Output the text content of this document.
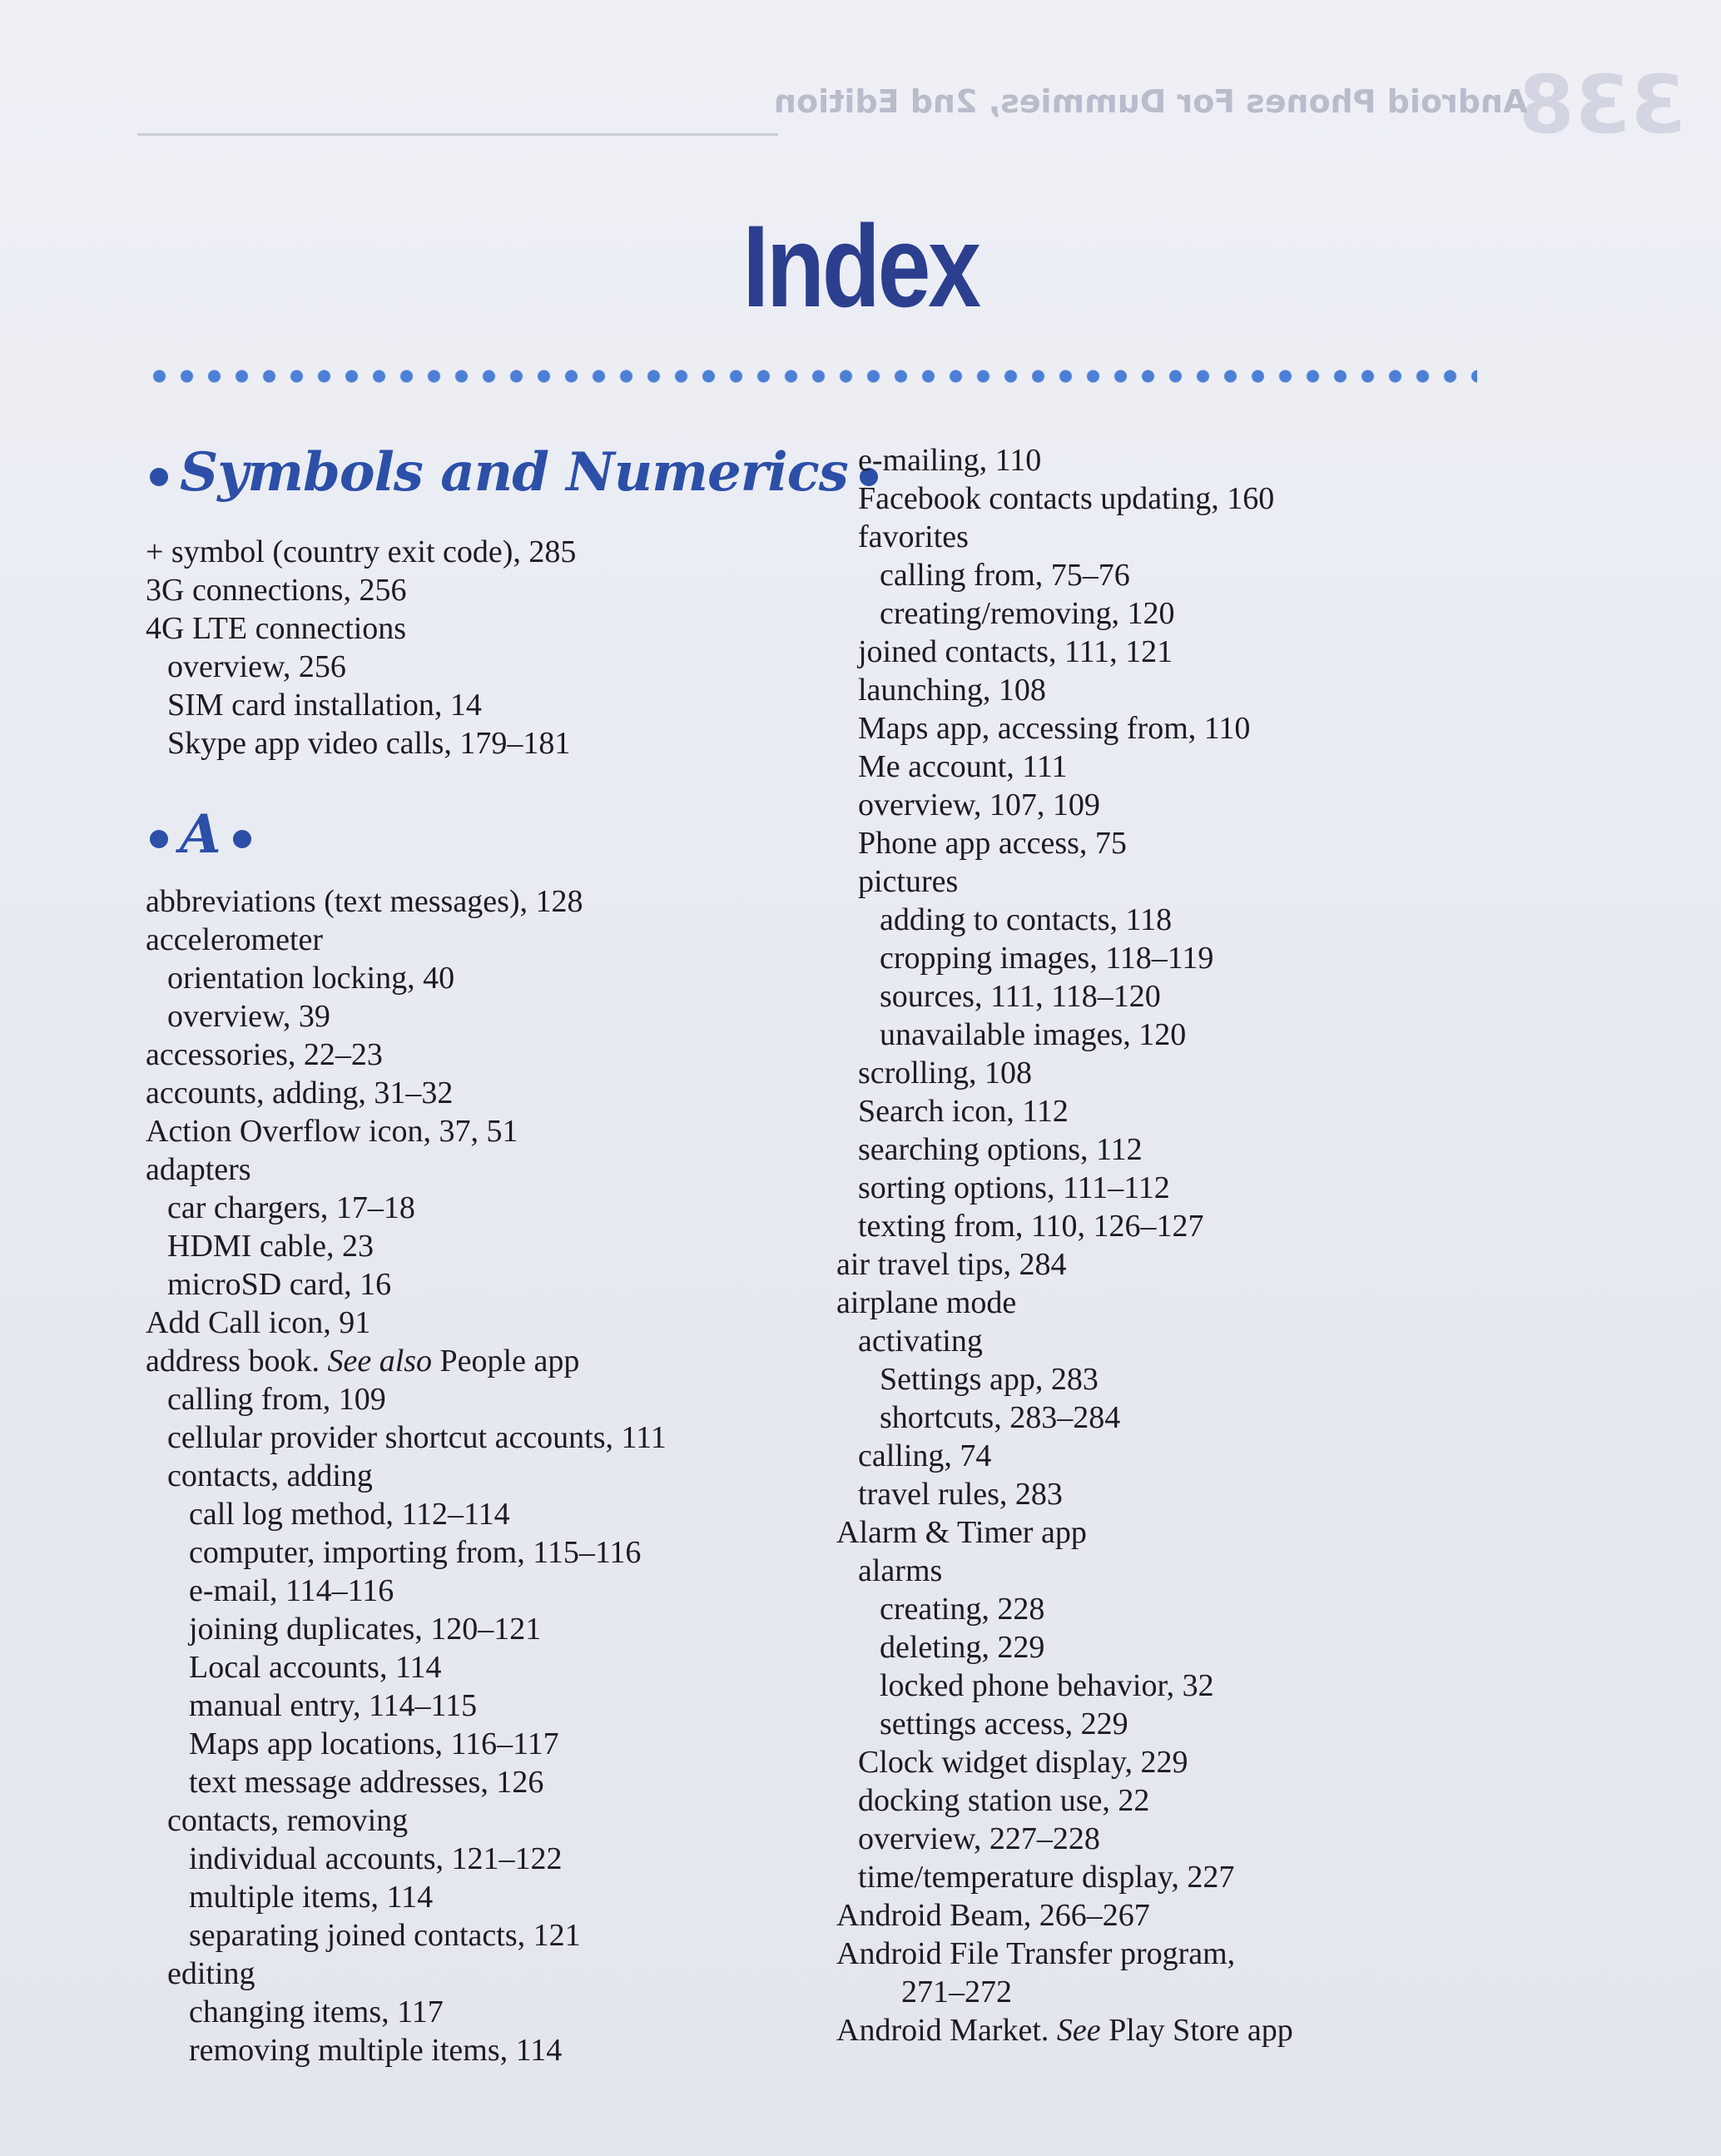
338
Android Phones For Dummies, 2nd Edition
Index
Symbols and Numerics
+ symbol (country exit code), 285
3G connections, 256
4G LTE connections
overview, 256
SIM card installation, 14
Skype app video calls, 179–181
A
abbreviations (text messages), 128
accelerometer
orientation locking, 40
overview, 39
accessories, 22–23
accounts, adding, 31–32
Action Overflow icon, 37, 51
adapters
car chargers, 17–18
HDMI cable, 23
microSD card, 16
Add Call icon, 91
address book. See also People app
calling from, 109
cellular provider shortcut accounts, 111
contacts, adding
call log method, 112–114
computer, importing from, 115–116
e-mail, 114–116
joining duplicates, 120–121
Local accounts, 114
manual entry, 114–115
Maps app locations, 116–117
text message addresses, 126
contacts, removing
individual accounts, 121–122
multiple items, 114
separating joined contacts, 121
editing
changing items, 117
removing multiple items, 114
e-mailing, 110
Facebook contacts updating, 160
favorites
calling from, 75–76
creating/removing, 120
joined contacts, 111, 121
launching, 108
Maps app, accessing from, 110
Me account, 111
overview, 107, 109
Phone app access, 75
pictures
adding to contacts, 118
cropping images, 118–119
sources, 111, 118–120
unavailable images, 120
scrolling, 108
Search icon, 112
searching options, 112
sorting options, 111–112
texting from, 110, 126–127
air travel tips, 284
airplane mode
activating
Settings app, 283
shortcuts, 283–284
calling, 74
travel rules, 283
Alarm & Timer app
alarms
creating, 228
deleting, 229
locked phone behavior, 32
settings access, 229
Clock widget display, 229
docking station use, 22
overview, 227–228
time/temperature display, 227
Android Beam, 266–267
Android File Transfer program,
271–272
Android Market. See Play Store app
